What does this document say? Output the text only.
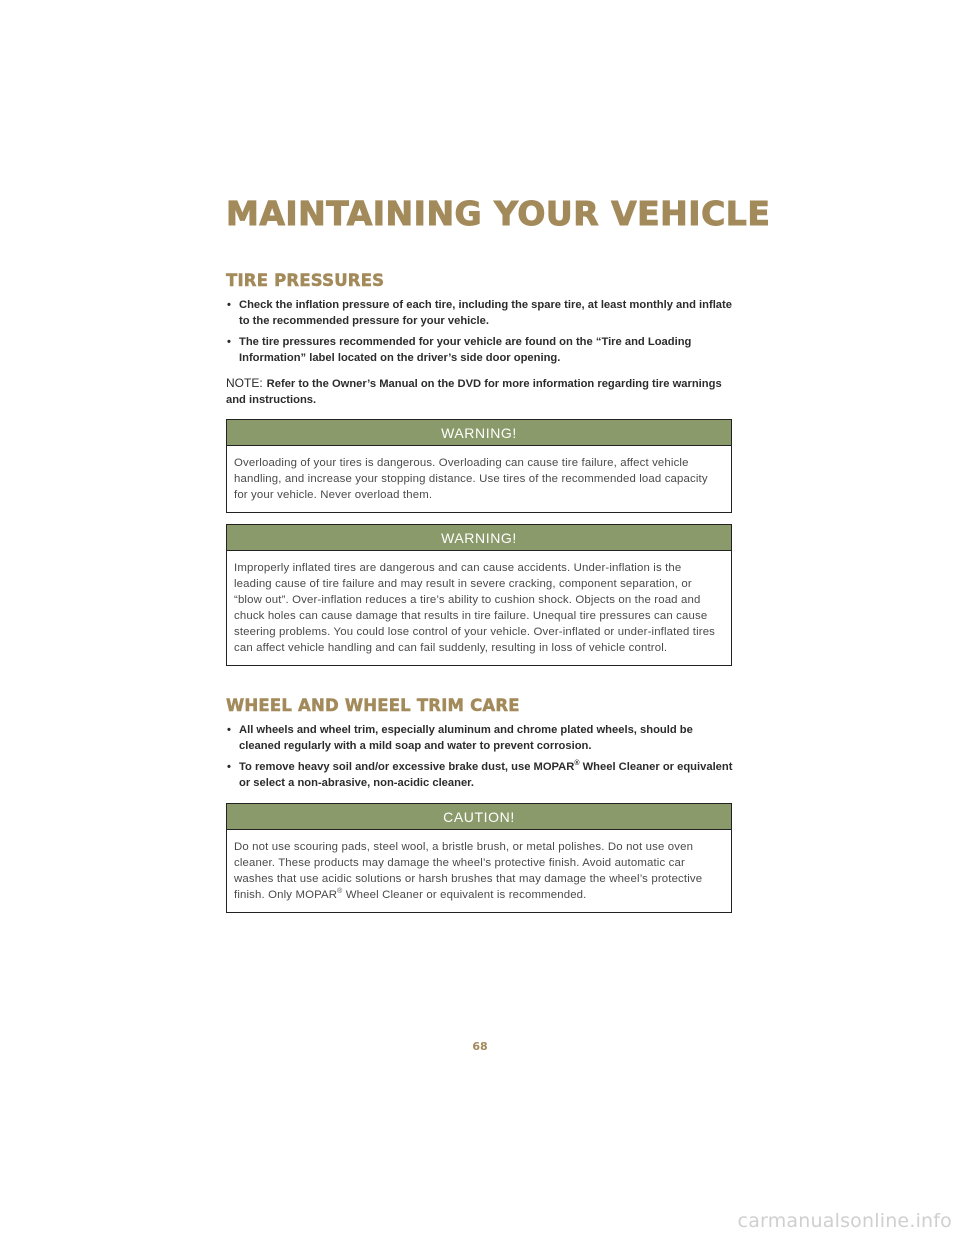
MAINTAINING YOUR VEHICLE
TIRE PRESSURES
• Check the inflation pressure of each tire, including the spare tire, at least monthly and inflate to the recommended pressure for your vehicle.
• The tire pressures recommended for your vehicle are found on the “Tire and Loading Information” label located on the driver’s side door opening.

NOTE: Refer to the Owner’s Manual on the DVD for more information regarding tire warnings and instructions.

WARNING!
Overloading of your tires is dangerous. Overloading can cause tire failure, affect vehicle handling, and increase your stopping distance. Use tires of the recommended load capacity for your vehicle. Never overload them.
WARNING!
Improperly inflated tires are dangerous and can cause accidents. Under-inflation is the leading cause of tire failure and may result in severe cracking, component separation, or “blow out”. Over-inflation reduces a tire’s ability to cushion shock. Objects on the road and chuck holes can cause damage that results in tire failure. Unequal tire pressures can cause steering problems. You could lose control of your vehicle. Over-inflated or under-inflated tires can affect vehicle handling and can fail suddenly, resulting in loss of vehicle control.
WHEEL AND WHEEL TRIM CARE
• All wheels and wheel trim, especially aluminum and chrome plated wheels, should be cleaned regularly with a mild soap and water to prevent corrosion.
• To remove heavy soil and/or excessive brake dust, use MOPAR® Wheel Cleaner or equivalent or select a non-abrasive, non-acidic cleaner.
CAUTION!
Do not use scouring pads, steel wool, a bristle brush, or metal polishes. Do not use oven cleaner. These products may damage the wheel’s protective finish. Avoid automatic car washes that use acidic solutions or harsh brushes that may damage the wheel’s protective finish. Only MOPAR® Wheel Cleaner or equivalent is recommended.
68
carmanualsonline.info
